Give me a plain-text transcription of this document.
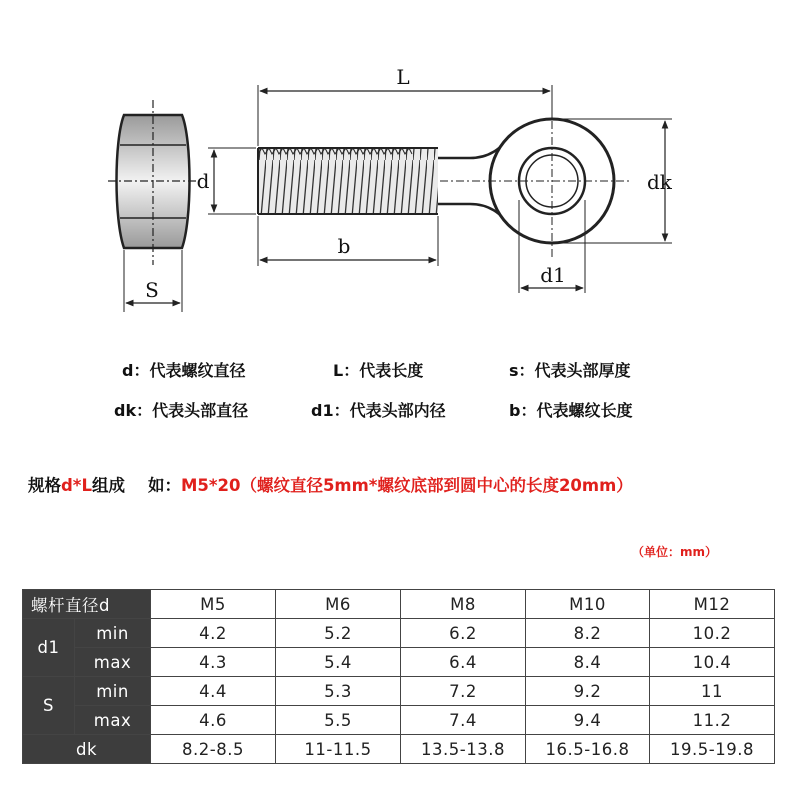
L
b
d	dk
d1
S
d：代表螺纹直径	L：代表长度	s：代表头部厚度
dk：代表头部直径	d1：代表头部内径	b：代表螺纹长度
规格d*L组成    如：M5*20（螺纹直径5mm*螺纹底部到圆中心的长度20mm）
（单位：mm）
螺杆直径d		M5	M6	M8	M10	M12
d1	min	4.2	5.2	6.2	8.2	10.2
	max	4.3	5.4	6.4	8.4	10.4
S	min	4.4	5.3	7.2	9.2	11
	max	4.6	5.5	7.4	9.4	11.2
dk		8.2-8.5	11-11.5	13.5-13.8	16.5-16.8	19.5-19.8
